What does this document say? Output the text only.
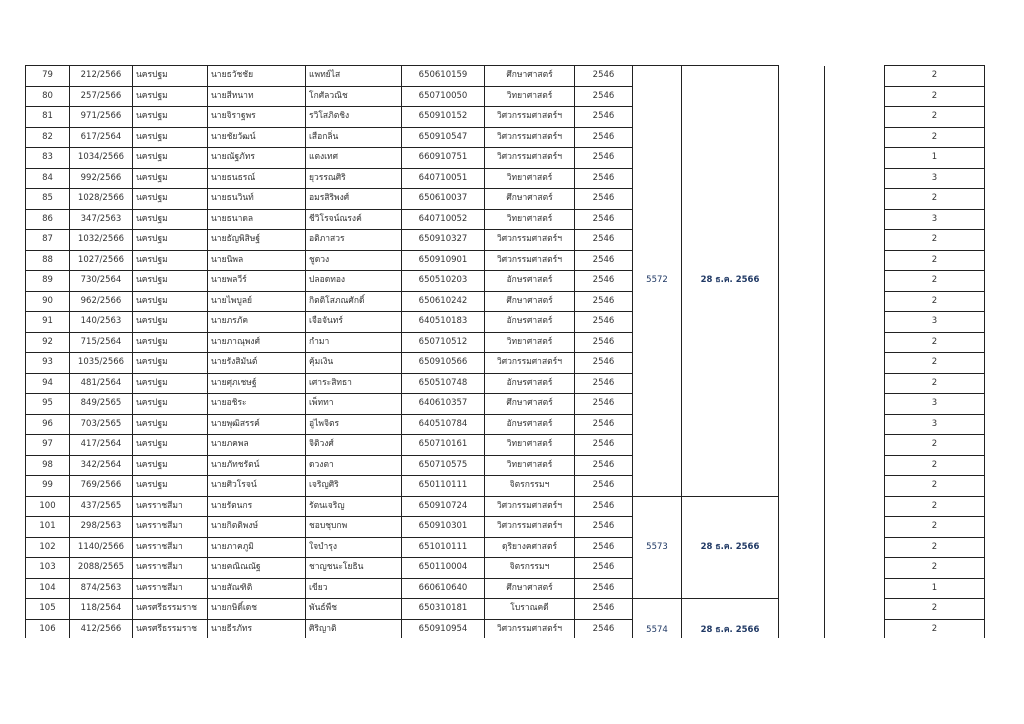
79	212/2566	นครปฐม	นายธวัชชัย	แพทย์ไส	650610159	ศึกษาศาสตร์	2546	5572	28 ธ.ค. 2566			2
80	257/2566	นครปฐม	นายสีหนาท	โกศัลวณิช	650710050	วิทยาศาสตร์	2546					2
81	971/2566	นครปฐม	นายจิราฐพร	รวิโสภิตชิง	650910152	วิศวกรรมศาสตร์ฯ	2546					2
82	617/2564	นครปฐม	นายชัยวัฒน์	เสือกลิ่น	650910547	วิศวกรรมศาสตร์ฯ	2546					2
83	1034/2566	นครปฐม	นายณัฐภัทร	แตงเทศ	660910751	วิศวกรรมศาสตร์ฯ	2546					1
84	992/2566	นครปฐม	นายธนธรณ์	ยุวรรณศิริ	640710051	วิทยาศาสตร์	2546					3
85	1028/2566	นครปฐม	นายธนวินท์	อมรสิริพงศ์	650610037	ศึกษาศาสตร์	2546					2
86	347/2563	นครปฐม	นายธนาดล	ชีวิโรจน์ณรงค์	640710052	วิทยาศาสตร์	2546					3
87	1032/2566	นครปฐม	นายธัญพิสิษฐ์	อติภาสวร	650910327	วิศวกรรมศาสตร์ฯ	2546					2
88	1027/2566	นครปฐม	นายนิพล	ชูดวง	650910901	วิศวกรรมศาสตร์ฯ	2546					2
89	730/2564	นครปฐม	นายพลวีร์	ปลอดทอง	650510203	อักษรศาสตร์	2546					2
90	962/2566	นครปฐม	นายไพบูลย์	กิตติโสภณศักดิ์	650610242	ศึกษาศาสตร์	2546					2
91	140/2563	นครปฐม	นายภรภัค	เจือจันทร์	640510183	อักษรศาสตร์	2546					3
92	715/2564	นครปฐม	นายภาณุพงศ์	กำมา	650710512	วิทยาศาสตร์	2546					2
93	1035/2566	นครปฐม	นายรังสิมันต์	คุ้มเงิน	650910566	วิศวกรรมศาสตร์ฯ	2546					2
94	481/2564	นครปฐม	นายศุภเชษฐ์	เศาระสิทธา	650510748	อักษรศาสตร์	2546					2
95	849/2565	นครปฐม	นายอชิระ	เพ็ททา	640610357	ศึกษาศาสตร์	2546					3
96	703/2565	นครปฐม	นายพุฒิสรรค์	อู่ไพจิตร	640510784	อักษรศาสตร์	2546					3
97	417/2564	นครปฐม	นายภคพล	จิติวงศ์	650710161	วิทยาศาสตร์	2546					2
98	342/2564	นครปฐม	นายภัทชรัตน์	ดวงตา	650710575	วิทยาศาสตร์	2546					2
99	769/2566	นครปฐม	นายศิวโรจน์	เจริญศิริ	650110111	จิตรกรรมฯ	2546					2
100	437/2565	นครราชสีมา	นายรัตนกร	รัตนเจริญ	650910724	วิศวกรรมศาสตร์ฯ	2546	5573	28 ธ.ค. 2566			2
101	298/2563	นครราชสีมา	นายกิตติพงษ์	ชอบชุบกพ	650910301	วิศวกรรมศาสตร์ฯ	2546					2
102	1140/2566	นครราชสีมา	นายภาคภูมิ	ใจบำรุง	651010111	ดุริยางคศาสตร์	2546					2
103	2088/2565	นครราชสีมา	นายคณิณณัฐ	ชาญชนะโยธิน	650110004	จิตรกรรมฯ	2546					2
104	874/2563	นครราชสีมา	นายสัณฑิติ	เขียว	660610640	ศึกษาศาสตร์	2546					1
105	118/2564	นครศรีธรรมราช	นายกษิดิ์เดช	พันธ์พืช	650310181	โบราณคดี	2546	5574	28 ธ.ค. 2566			2
106	412/2566	นครศรีธรรมราช	นายธีรภัทร	ศิริญาติ	650910954	วิศวกรรมศาสตร์ฯ	2546					2
